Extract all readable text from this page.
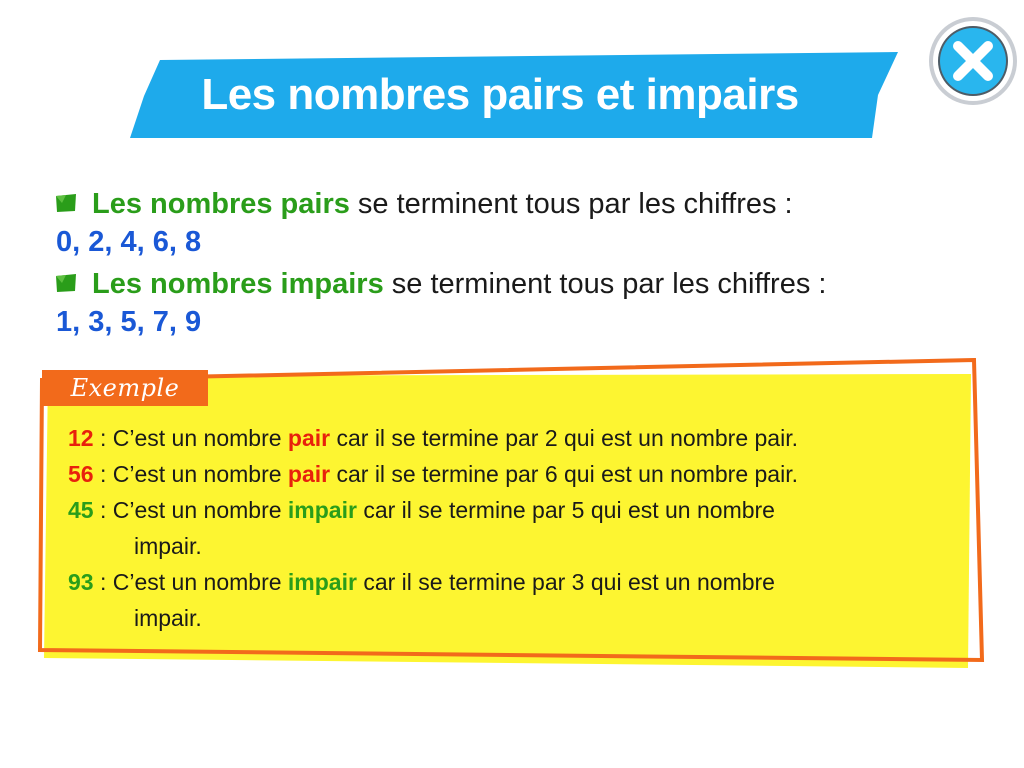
Les nombres pairs et impairs
Les nombres pairs se terminent tous par les chiffres :
0, 2, 4, 6, 8
Les nombres impairs se terminent tous par les chiffres :
1, 3, 5, 7, 9
Exemple
12 : C’est un nombre pair car il se termine par 2 qui est un nombre pair.
56 : C’est un nombre pair car il se termine par 6 qui est un nombre pair.
45 : C’est un nombre impair car il se termine par 5 qui est un nombre
impair.
93 : C’est un nombre impair car il se termine par 3 qui est un nombre
impair.
